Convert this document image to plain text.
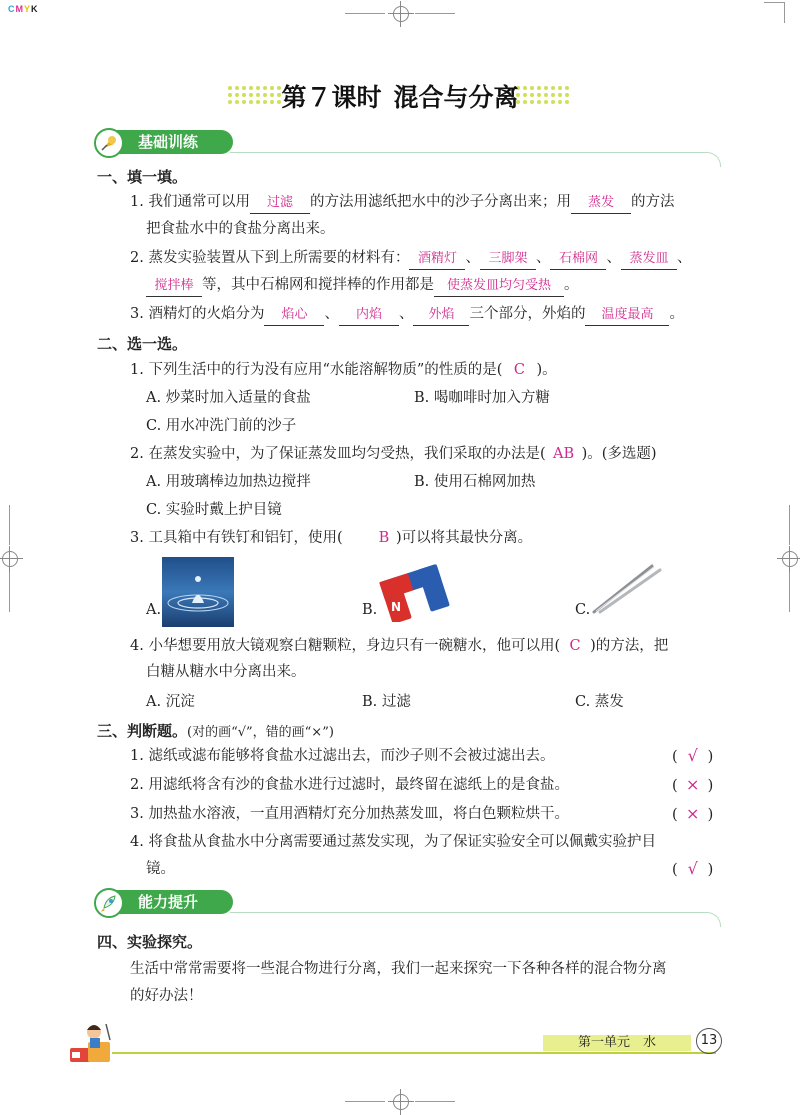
CMYK
第７课时 混合与分离
基础训练
一、填一填。
1. 我们通常可以用 过滤 的方法用滤纸把水中的沙子分离出来；用 蒸发 的方法
把食盐水中的食盐分离出来。
2. 蒸发实验装置从下到上所需要的材料有： 酒精灯 、 三脚架 、 石棉网 、 蒸发皿 、
搅拌棒 等，其中石棉网和搅拌棒的作用都是 使蒸发皿均匀受热 。
3. 酒精灯的火焰分为 焰心 、 内焰 、 外焰 三个部分，外焰的 温度最高 。
二、选一选。
1. 下列生活中的行为没有应用“水能溶解物质”的性质的是( C )。
A. 炒菜时加入适量的食盐	B. 喝咖啡时加入方糖
C. 用水冲洗门前的沙子
2. 在蒸发实验中，为了保证蒸发皿均匀受热，我们采取的办法是( AB )。(多选题)
A. 用玻璃棒边加热边搅拌	B. 使用石棉网加热
C. 实验时戴上护目镜
3. 工具箱中有铁钉和铝钉，使用(
A.	B.
S
N	C.
B )可以将其最快分离。
4. 小华想要用放大镜观察白糖颗粒，身边只有一碗糖水，他可以用( C )的方法，把
白糖从糖水中分离出来。
A. 沉淀	B. 过滤	C. 蒸发
三、判断题。(对的画“√”，错的画“×”)
1. 滤纸或滤布能够将食盐水过滤出去，而沙子则不会被过滤出去。	( √ )
2. 用滤纸将含有沙的食盐水进行过滤时，最终留在滤纸上的是食盐。	( × )
3. 加热盐水溶液，一直用酒精灯充分加热蒸发皿，将白色颗粒烘干。	( × )
4. 将食盐从食盐水中分离需要通过蒸发实现，为了保证实验安全可以佩戴实验护目
镜。	( √ )
能力提升
四、实验探究。
生活中常常需要将一些混合物进行分离，我们一起来探究一下各种各样的混合物分离
的好办法！
第一单元　水	13
